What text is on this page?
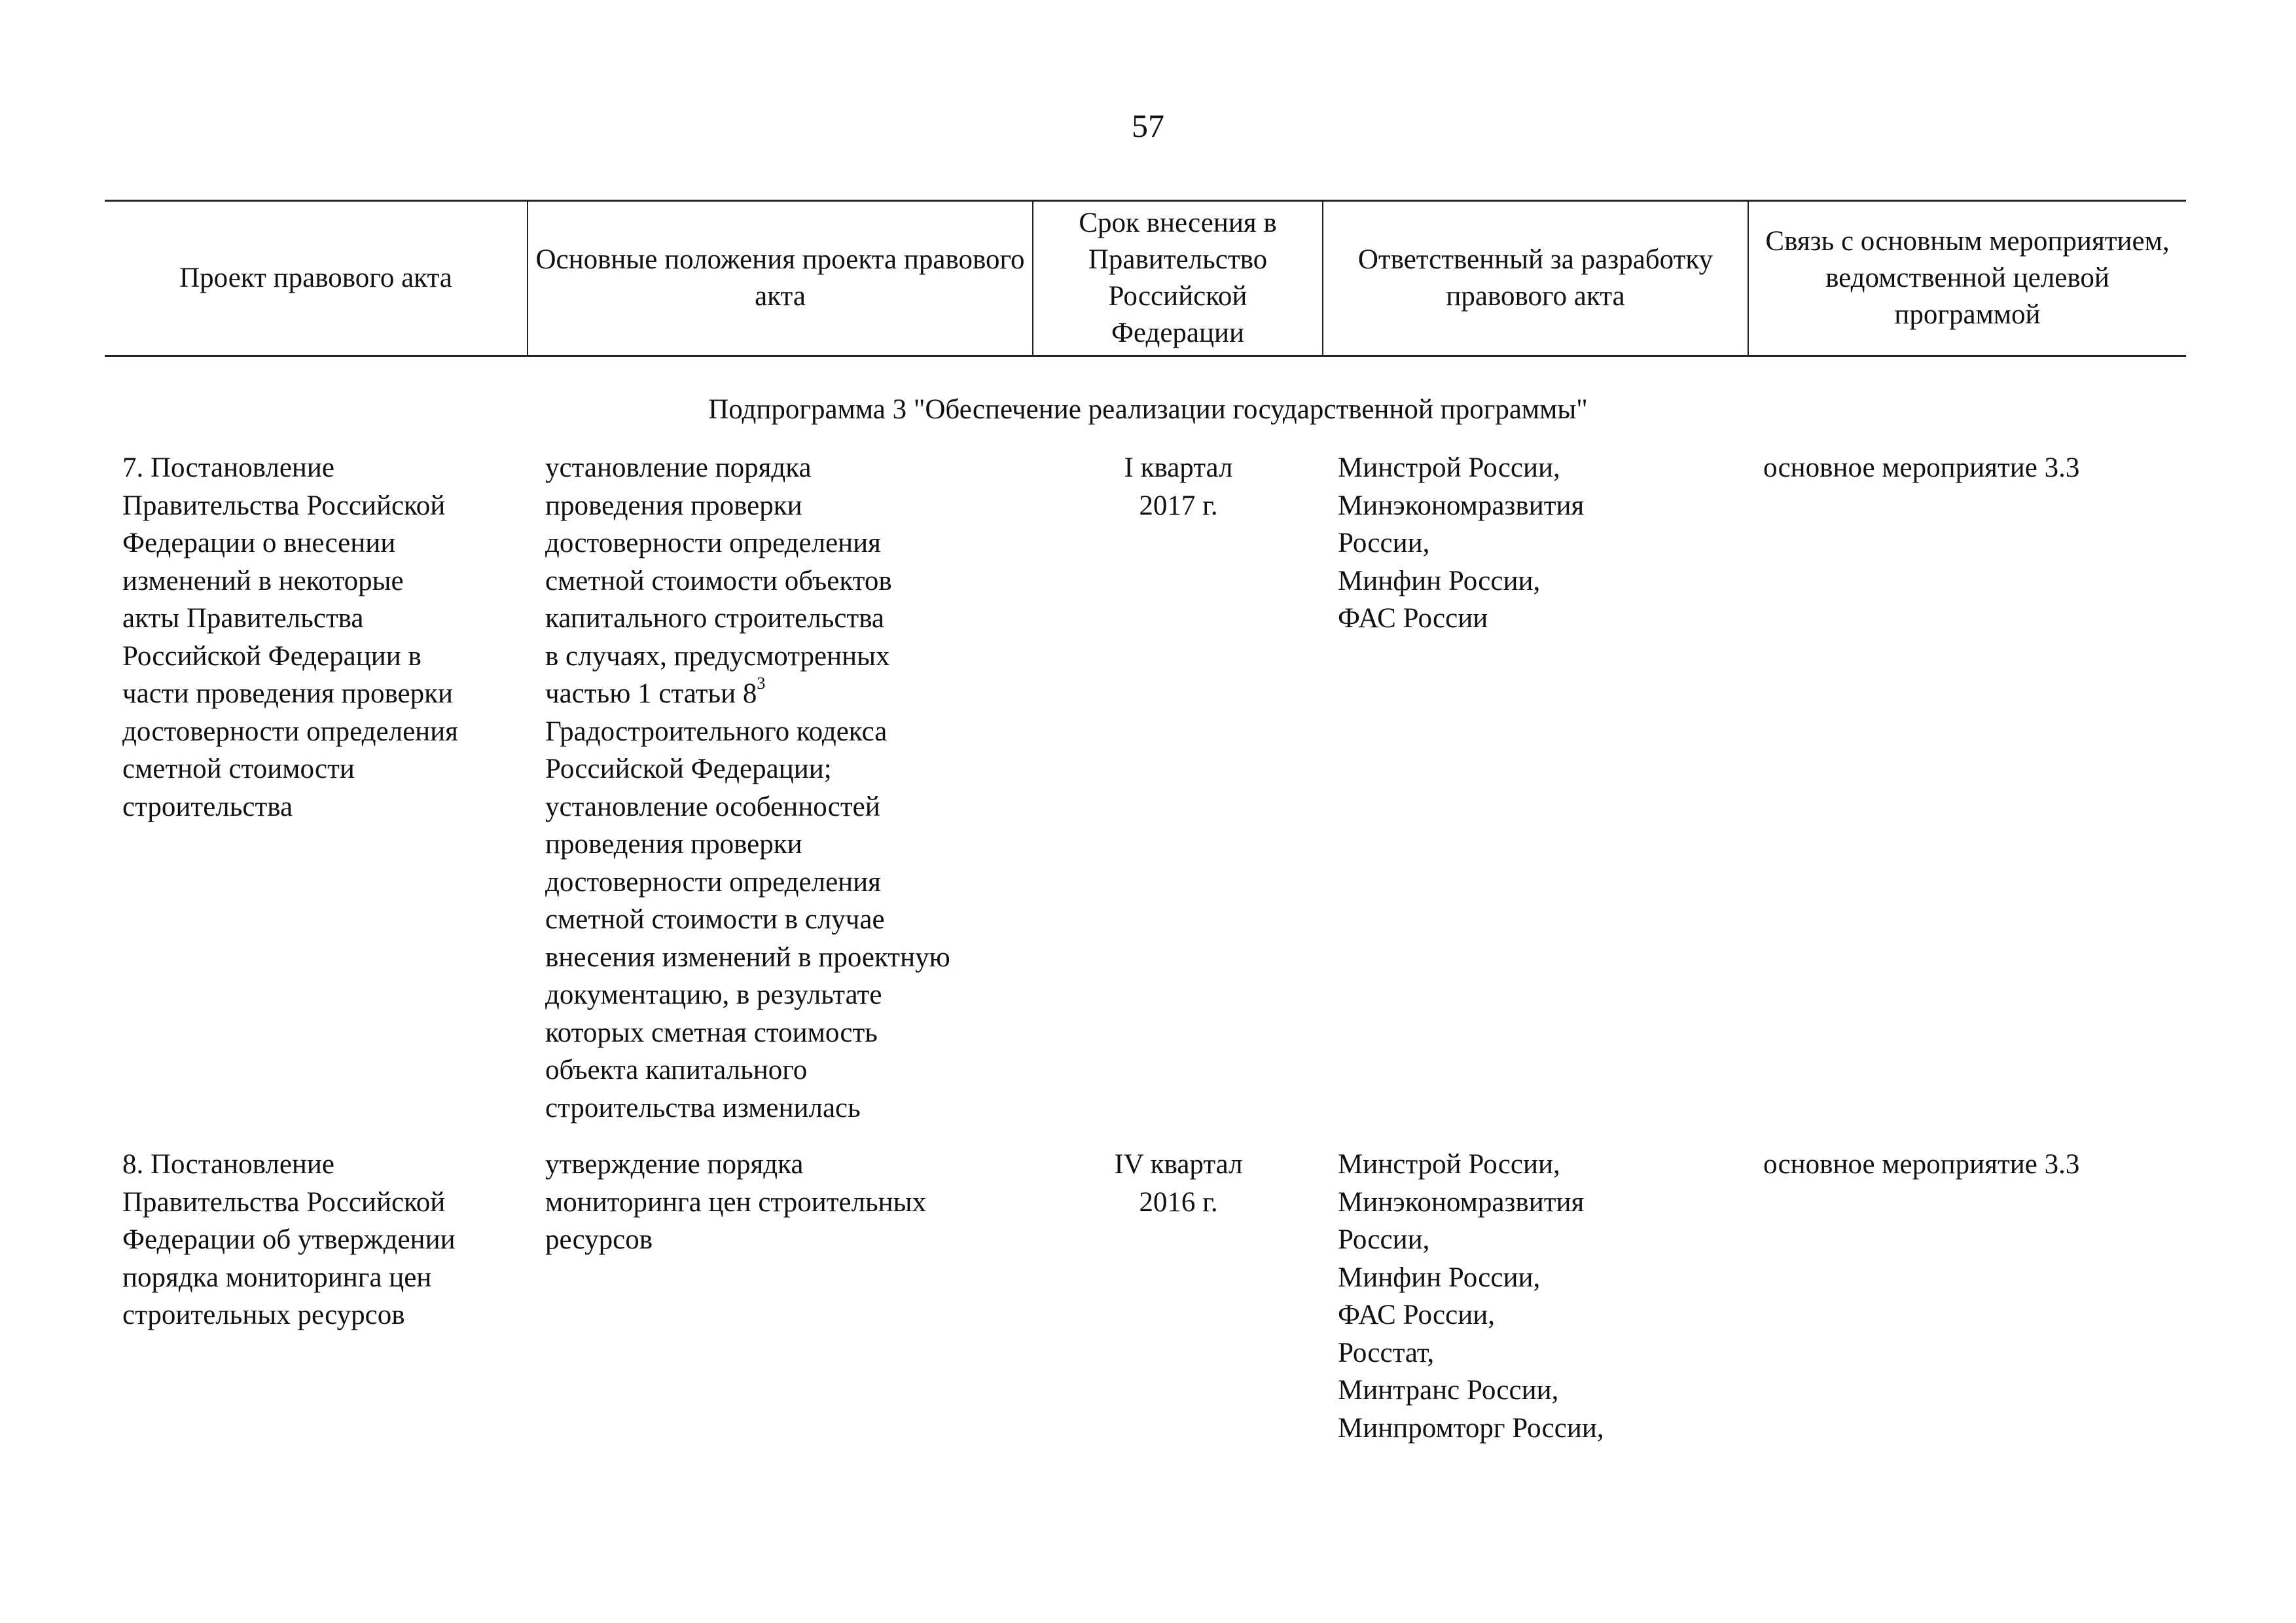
57
Проект правового акта
Основные положения проекта правового акта
Срок внесения в Правительство Российской Федерации
Ответственный за разработку правового акта
Связь с основным мероприятием, ведомственной целевой программой
Подпрограмма 3 "Обеспечение реализации государственной программы"
7. Постановление
Правительства Российской
Федерации о внесении
изменений в некоторые
акты Правительства
Российской Федерации в
части проведения проверки
достоверности определения
сметной стоимости
строительства
установление порядка
проведения проверки
достоверности определения
сметной стоимости объектов
капитального строительства
в случаях, предусмотренных
частью 1 статьи $8^3$
Градостроительного кодекса
Российской Федерации;
установление особенностей
проведения проверки
достоверности определения
сметной стоимости в случае
внесения изменений в проектную
документацию, в результате
которых сметная стоимость
объекта капитального
строительства изменилась
I квартал
2017 г.
Минстрой России,
Минэкономразвития
России,
Минфин России,
ФАС России
основное мероприятие 3.3
8. Постановление
Правительства Российской
Федерации об утверждении
порядка мониторинга цен
строительных ресурсов
утверждение порядка
мониторинга цен строительных
ресурсов
IV квартал
2016 г.
Минстрой России,
Минэкономразвития
России,
Минфин России,
ФАС России,
Росстат,
Минтранс России,
Минпромторг России,
основное мероприятие 3.3
